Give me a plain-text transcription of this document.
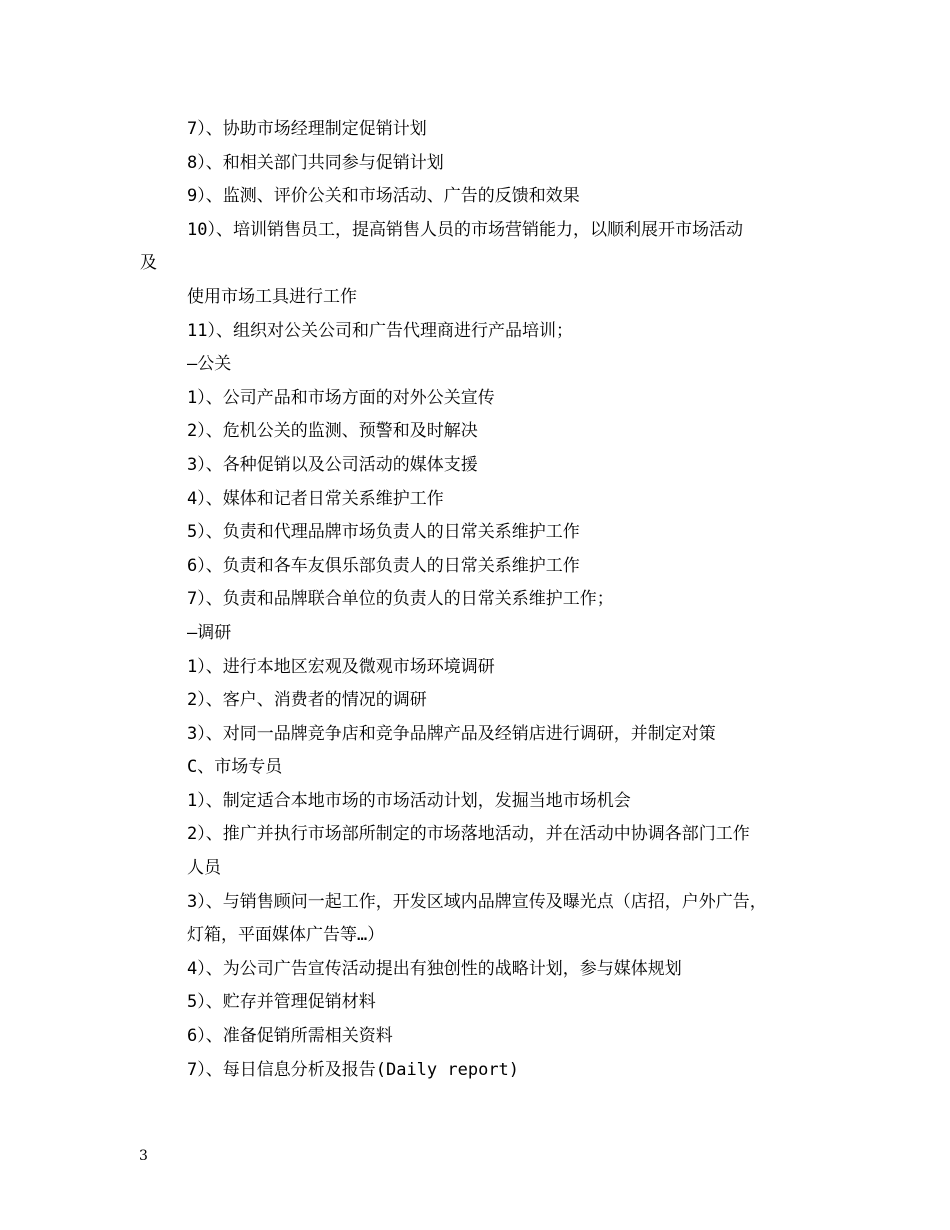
7）、协助市场经理制定促销计划
8）、和相关部门共同参与促销计划
9）、监测、评价公关和市场活动、广告的反馈和效果
10）、培训销售员工，提高销售人员的市场营销能力，以顺利展开市场活动
及
使用市场工具进行工作
11）、组织对公关公司和广告代理商进行产品培训；
—公关
1）、公司产品和市场方面的对外公关宣传
2）、危机公关的监测、预警和及时解决
3）、各种促销以及公司活动的媒体支援
4）、媒体和记者日常关系维护工作
5）、负责和代理品牌市场负责人的日常关系维护工作
6）、负责和各车友俱乐部负责人的日常关系维护工作
7）、负责和品牌联合单位的负责人的日常关系维护工作；
—调研
1）、进行本地区宏观及微观市场环境调研
2）、客户、消费者的情况的调研
3）、对同一品牌竞争店和竞争品牌产品及经销店进行调研，并制定对策
C、市场专员
1）、制定适合本地市场的市场活动计划，发掘当地市场机会
2）、推广并执行市场部所制定的市场落地活动，并在活动中协调各部门工作
人员
3）、与销售顾问一起工作，开发区域内品牌宣传及曝光点（店招，户外广告，
灯箱，平面媒体广告等…）
4）、为公司广告宣传活动提出有独创性的战略计划，参与媒体规划
5）、贮存并管理促销材料
6）、准备促销所需相关资料
7）、每日信息分析及报告(Daily report)
3
